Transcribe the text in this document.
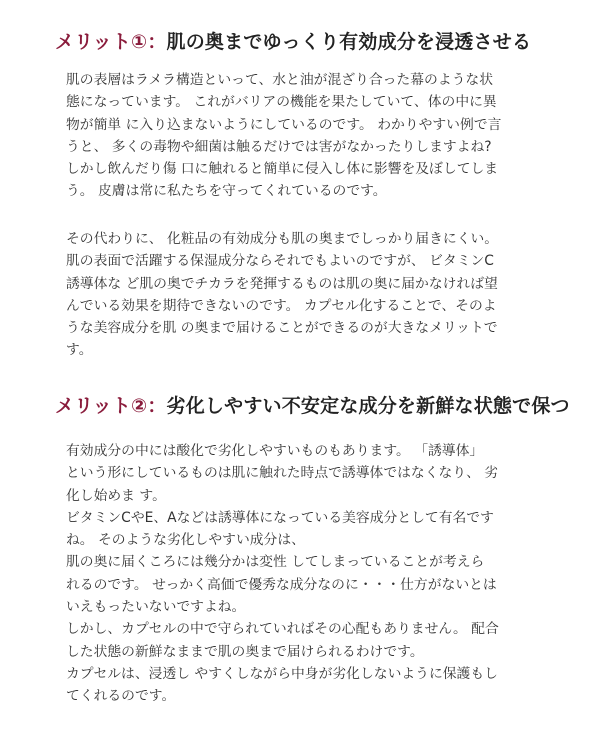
メリット①：肌の奥までゆっくり有効成分を浸透させる
肌の表層はラメラ構造といって、水と油が混ざり合った幕のような状
態になっています。 これがバリアの機能を果たしていて、体の中に異
物が簡単 に入り込まないようにしているのです。 わかりやすい例で言
うと、 多くの毒物や細菌は触るだけでは害がなかったりしますよね?
しかし飲んだり傷 口に触れると簡単に侵入し体に影響を及ぼしてしま
う。 皮膚は常に私たちを守ってくれているのです。
その代わりに、 化粧品の有効成分も肌の奥までしっかり届きにくい。
肌の表面で活躍する保湿成分ならそれでもよいのですが、 ビタミンC
誘導体な ど肌の奥でチカラを発揮するものは肌の奥に届かなければ望
んでいる効果を期待できないのです。 カプセル化することで、そのよ
うな美容成分を肌 の奥まで届けることができるのが大きなメリットで
す。
メリット②：劣化しやすい不安定な成分を新鮮な状態で保つ
有効成分の中には酸化で劣化しやすいものもあります。 「誘導体」
という形にしているものは肌に触れた時点で誘導体ではなくなり、 劣
化し始めま す。
ビタミンCやE、Aなどは誘導体になっている美容成分として有名です
ね。 そのような劣化しやすい成分は、
肌の奥に届くころには幾分かは変性 してしまっていることが考えら
れるのです。 せっかく高価で優秀な成分なのに・・・仕方がないとは
いえもったいないですよね。
しかし、カプセルの中で守られていればその心配もありません。 配合
した状態の新鮮なままで肌の奥まで届けられるわけです。
カプセルは、浸透し やすくしながら中身が劣化しないように保護もし
てくれるのです。
